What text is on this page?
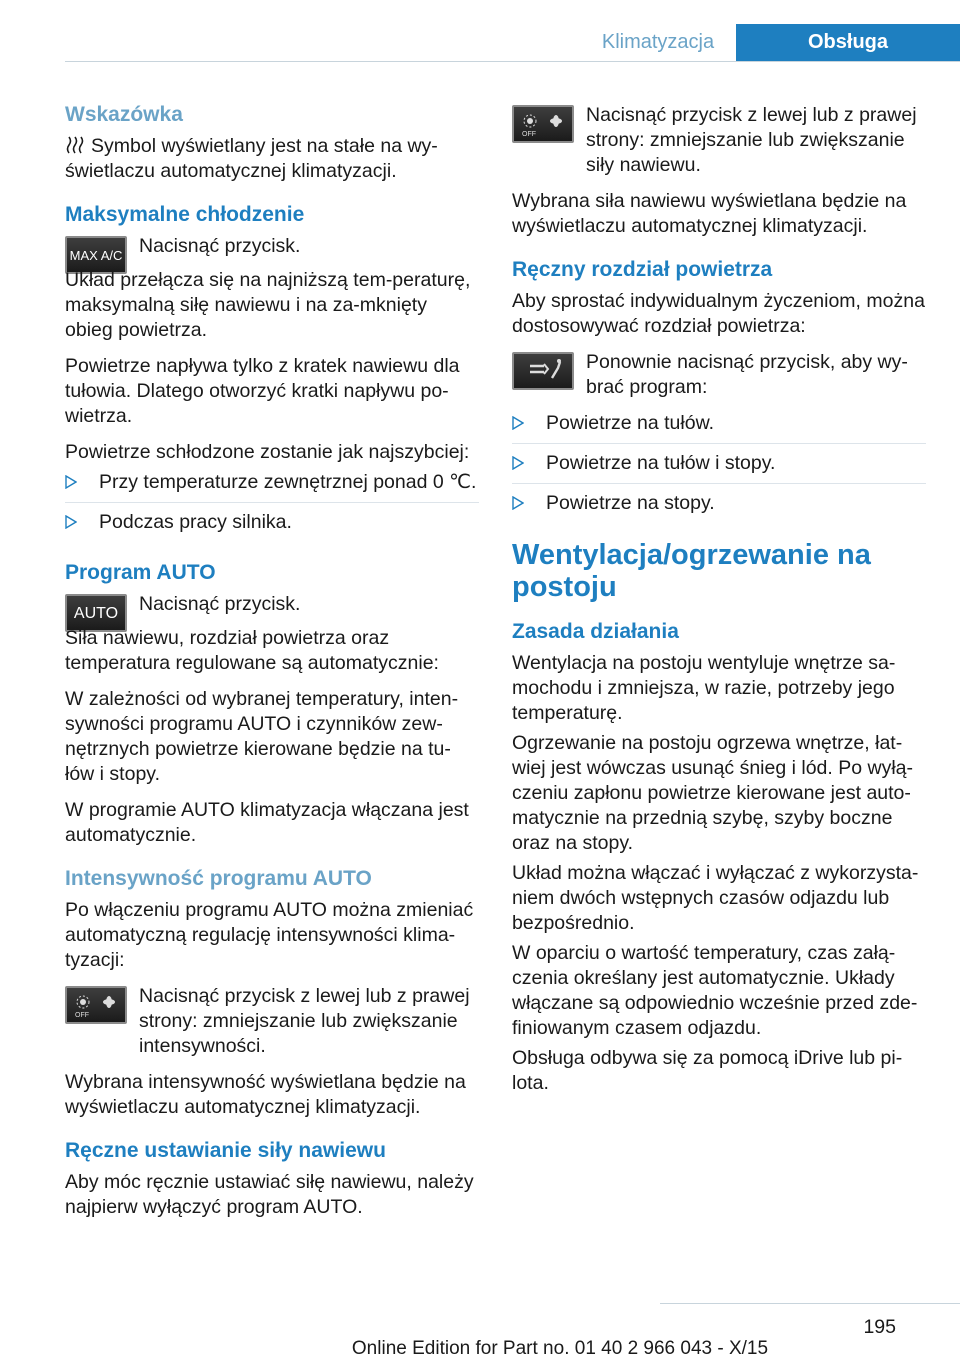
Klimatyzacja	Obsługa
Wskazówka

Symbol wyświetlany jest na stałe na wy‐świetlaczu automatycznej klimatyzacji.

Maksymalne chłodzenie
MAX A/C Nacisnąć przycisk.

Układ przełącza się na najniższą tem‐peraturę, maksymalną siłę nawiewu i na za‐mknięty obieg powietrza.

Powietrze napływa tylko z kratek nawiewu dla tułowia. Dlatego otworzyć kratki napływu po‐wietrza.

Powietrze schłodzone zostanie jak najszybciej:

Przy temperaturze zewnętrznej ponad 0 ℃.
Podczas pracy silnika.
Program AUTO
AUTO Nacisnąć przycisk.

Siła nawiewu, rozdział powietrza oraz temperatura regulowane są automatycznie:

W zależności od wybranej temperatury, inten‐sywności programu AUTO i czynników zew‐nętrznych powietrze kierowane będzie na tu‐łów i stopy.

W programie AUTO klimatyzacja włączana jest automatycznie.

Intensywność programu AUTO

Po włączeniu programu AUTO można zmieniać automatyczną regulację intensywności klima‐tyzacji:

OFF

Nacisnąć przycisk z lewej lub z prawej strony: zmniejszanie lub zwiększanie intensywności.

Wybrana intensywność wyświetlana będzie na wyświetlaczu automatycznej klimatyzacji.

Ręczne ustawianie siły nawiewu

Aby móc ręcznie ustawiać siłę nawiewu, należy najpierw wyłączyć program AUTO.

OFF

Nacisnąć przycisk z lewej lub z prawej strony: zmniejszanie lub zwiększanie siły nawiewu.

Wybrana siła nawiewu wyświetlana będzie na wyświetlaczu automatycznej klimatyzacji.

Ręczny rozdział powietrza

Aby sprostać indywidualnym życzeniom, można dostosowywać rozdział powietrza:

Ponownie nacisnąć przycisk, aby wy‐brać program:

Powietrze na tułów.
Powietrze na tułów i stopy.
Powietrze na stopy.
Wentylacja/ogrzewanie na postoju
Zasada działania

Wentylacja na postoju wentyluje wnętrze sa‐mochodu i zmniejsza, w razie, potrzeby jego temperaturę.

Ogrzewanie na postoju ogrzewa wnętrze, łat‐wiej jest wówczas usunąć śnieg i lód. Po wyłą‐czeniu zapłonu powietrze kierowane jest auto‐matycznie na przednią szybę, szyby boczne oraz na stopy.

Układ można włączać i wyłączać z wykorzysta‐niem dwóch wstępnych czasów odjazdu lub bezpośrednio.

W oparciu o wartość temperatury, czas załą‐czenia określany jest automatycznie. Układy włączane są odpowiednio wcześnie przed zde‐finiowanym czasem odjazdu.

Obsługa odbywa się za pomocą iDrive lub pi‐lota.

195
Online Edition for Part no. 01 40 2 966 043 - X/15
